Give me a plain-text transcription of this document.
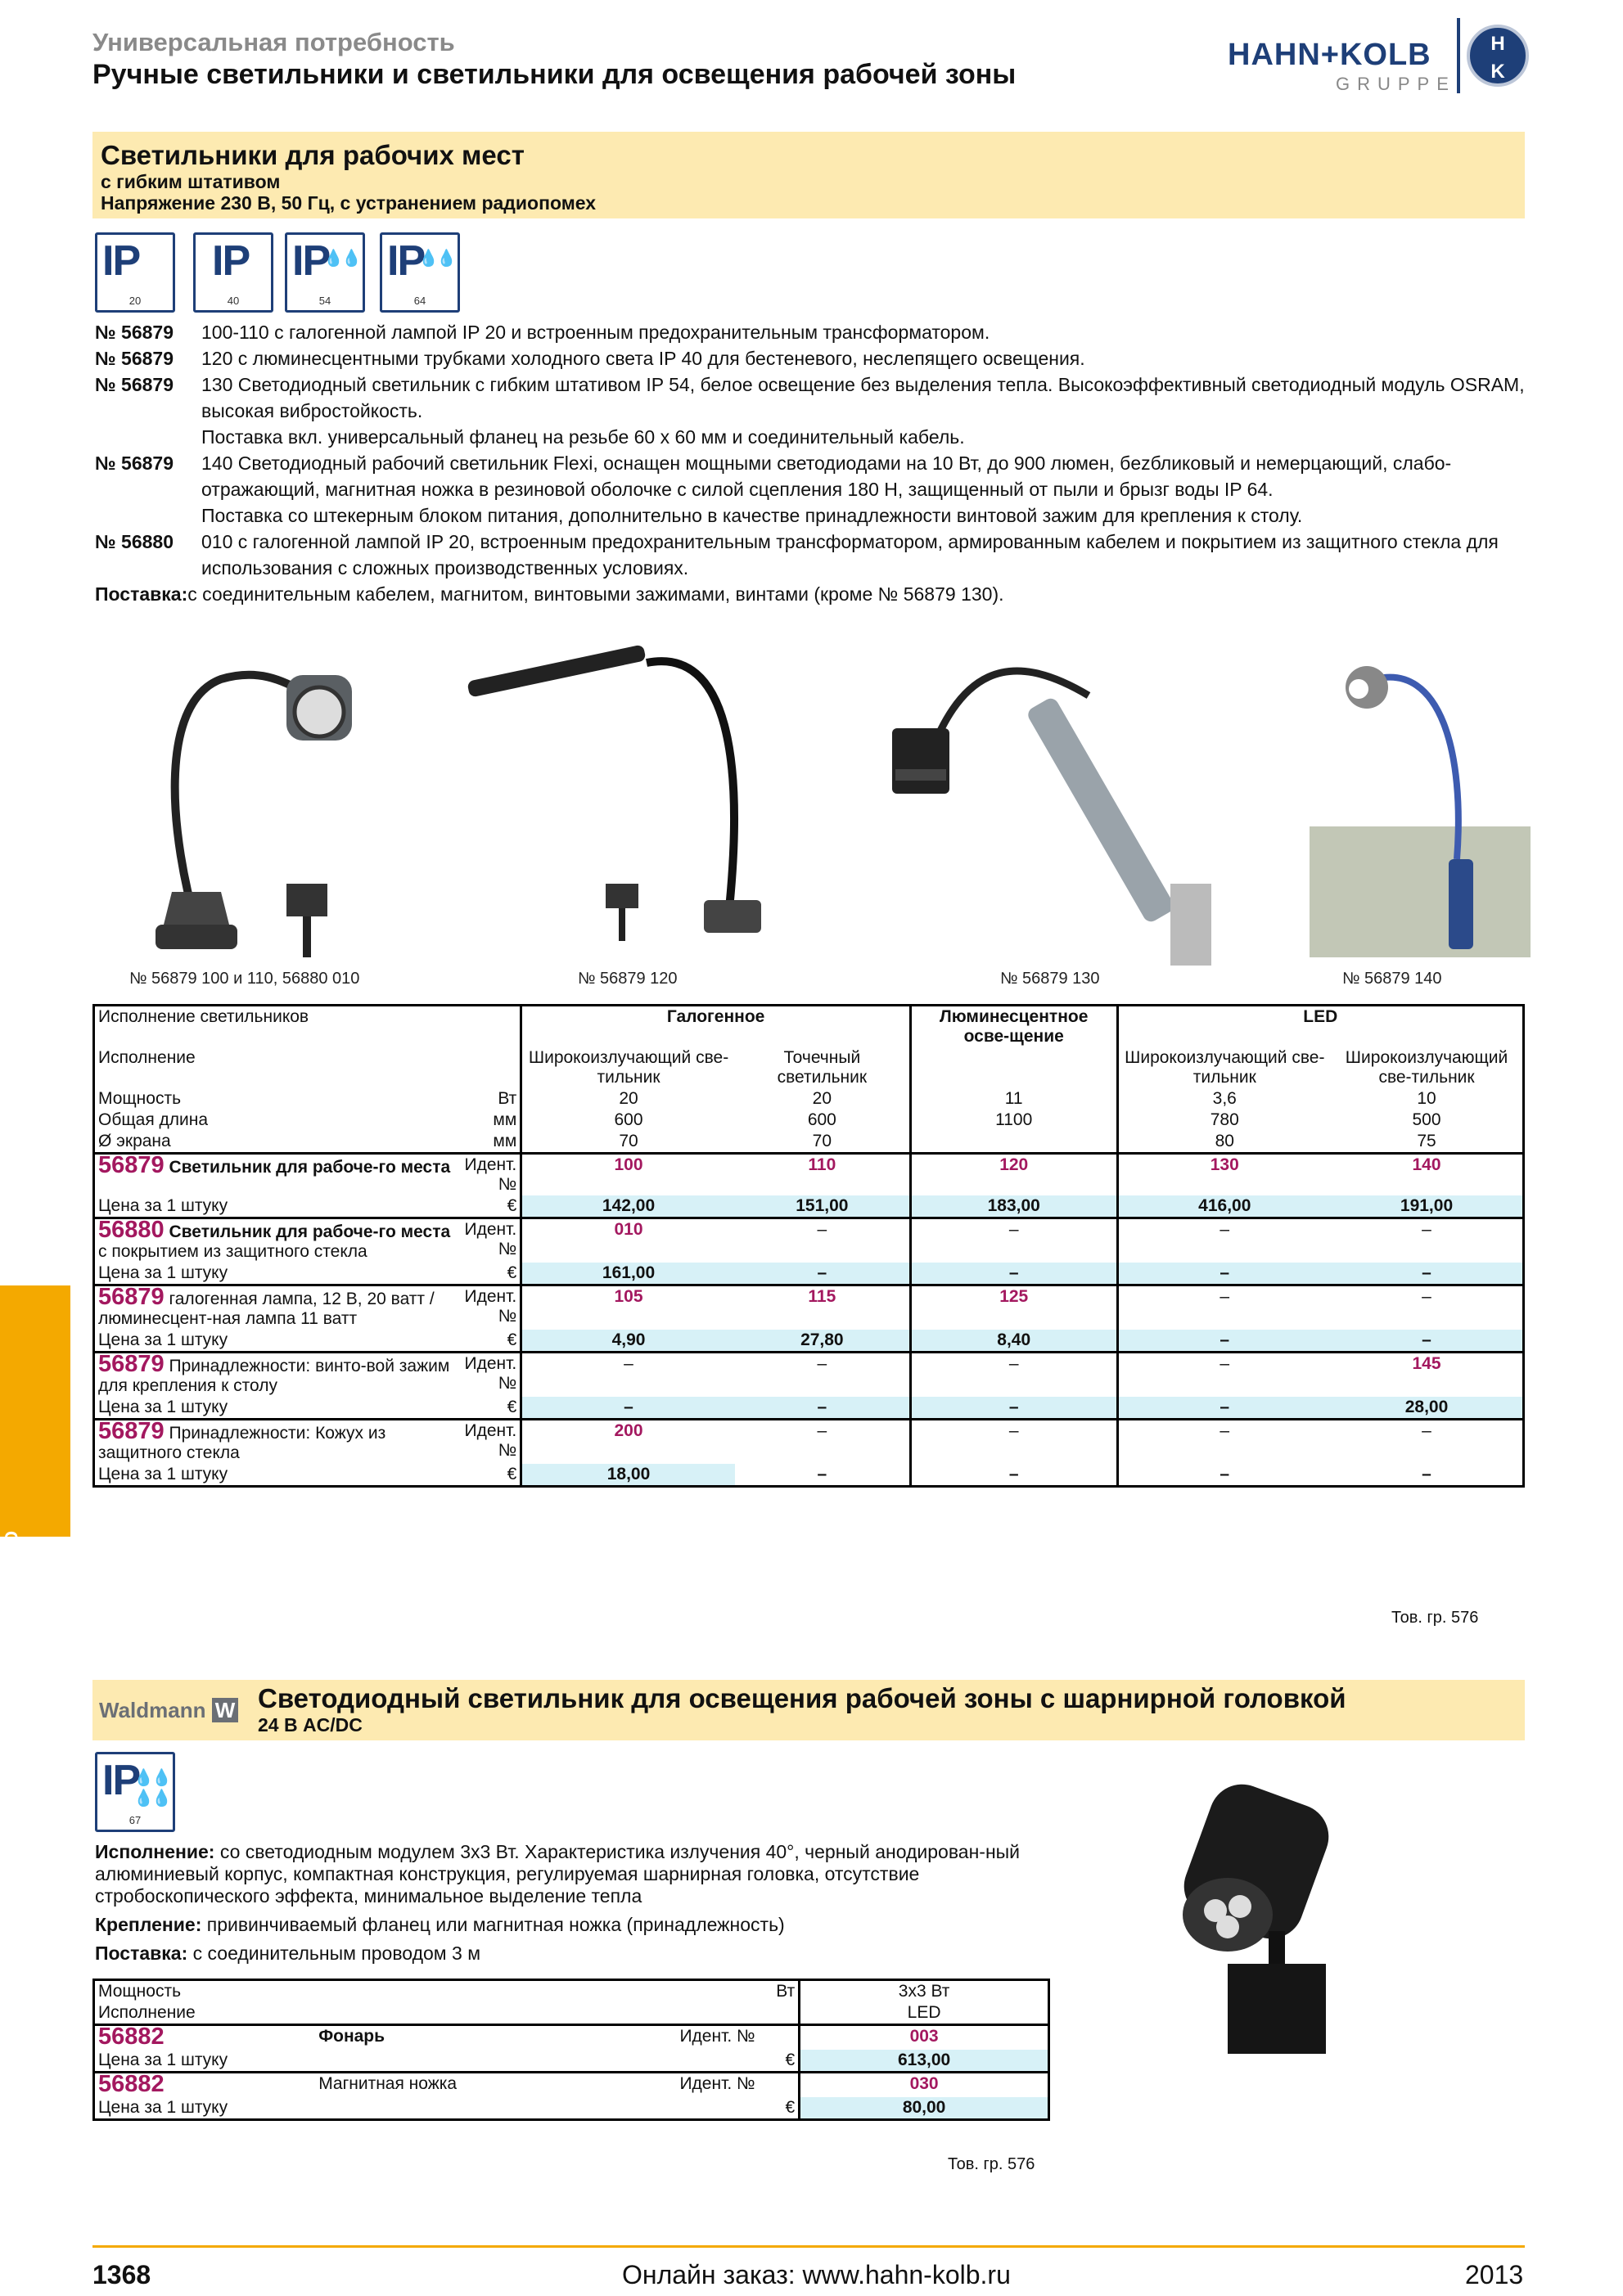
Универсальная потребность
Ручные светильники и светильники для освещения рабочей зоны
HAHN+KOLB
GRUPPE
H
K
Светильники для рабочих мест
с гибким штативом
Напряжение 230 В, 50 Гц, с устранением радиопомех
IP
20
IP
40
IP
💧💧
54
IP
💧💧
64
№ 56879	100-110 с галогенной лампой IP 20 и встроенным предохранительным трансформатором.
№ 56879	120 с люминесцентными трубками холодного света IP 40 для бестеневого, неслепящего освещения.
№ 56879	130 Светодиодный светильник с гибким штативом IP 54, белое освещение без выделения тепла. Высокоэффективный светодиодный модуль OSRAM, высокая вибростойкость.
Поставка вкл. универсальный фланец на резьбе 60 x 60 мм и соединительный кабель.
№ 56879	140 Светодиодный рабочий светильник Flexi, оснащен мощными светодиодами на 10 Вт, до 900 люмен, бezбликовый и немерцающий, слабо-отражающий, магнитная ножка в резиновой оболочке с силой сцепления 180 Н, защищенный от пыли и брызг воды IP 64.
Поставка со штекерным блоком питания, дополнительно в качестве принадлежности винтовой зажим для крепления к столу.
№ 56880	010 с галогенной лампой IP 20, встроенным предохранительным трансформатором, армированным кабелем и покрытием из защитного стекла для использования с сложных производственных условиях.
Поставка: с соединительным кабелем, магнитом, винтовыми зажимами, винтами (кроме № 56879 130).
№ 56879 100 и 110, 56880 010	№ 56879 120	№ 56879 130	№ 56879 140
Исполнение светильников		Галогенное		Люминесцентное осве-щение	LED	
Исполнение		Широкоизлучающий све-тильник	Точечный светильник		Широкоизлучающий све-тильник	Широкоизлучающий све-тильник
Мощность	Вт	20	20	11	3,6	10
Общая длина	мм	600	600	1100	780	500
Ø экрана	мм	70	70		80	75
56879 Светильник для рабоче-го места	Идент. №	100	110	120	130	140
Цена за 1 штуку	€	142,00	151,00	183,00	416,00	191,00
56880 Светильник для рабоче-го места с покрытием из защитного стекла	Идент. №	010	–	–	–	–
Цена за 1 штуку	€	161,00	–	–	–	–
56879 галогенная лампа, 12 В, 20 ватт / люминесцент-ная лампа 11 ватт	Идент. №	105	115	125	–	–
Цена за 1 штуку	€	4,90	27,80	8,40	–	–
56879 Принадлежности: винто-вой зажим для крепления к столу	Идент. №	–	–	–	–	145
Цена за 1 штуку	€	–	–	–	–	28,00
56879 Принадлежности: Кожух из защитного стекла	Идент. №	200	–	–	–	–
Цена за 1 штуку	€	18,00	–	–	–	–
Тов. гр. 576
Waldmann W Светодиодный светильник для освещения рабочей зоны с шарнирной головкой
24 В AC/DC
IP
💧💧
💧💧
67
Исполнение: со светодиодным модулем 3x3 Вт. Характеристика излучения 40°, черный анодирован-ный алюминиевый корпус, компактная конструкция, регулируемая шарнирная головка, отсутствие стробоскопического эффекта, минимальное выделение тепла
Крепление: привинчиваемый фланец или магнитная ножка (принадлежность)
Поставка: с соединительным проводом 3 м
Мощность		Вт	3x3 Вт
Исполнение			LED
56882	Фонарь Идент. №		003
Цена за 1 штуку		€	613,00
56882	Магнитная ножка Идент. №		030
Цена за 1 штуку		€	80,00
Тов. гр. 576
Слесарный инструмент
1368	Онлайн заказ: www.hahn-kolb.ru	2013
